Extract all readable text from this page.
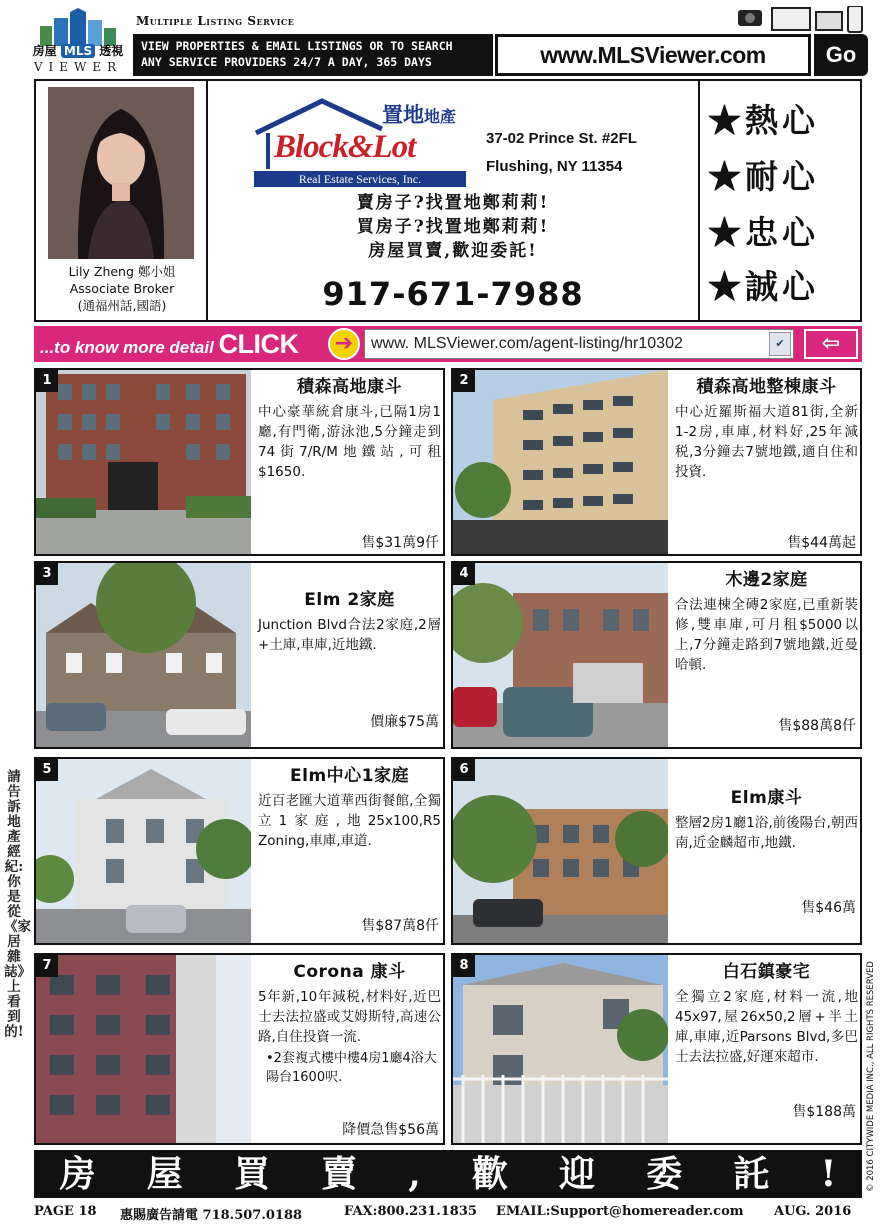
房屋 MLS 透視
VIEWER
Multiple Listing Service
VIEW PROPERTIES & EMAIL LISTINGS OR TO SEARCH
ANY SERVICE PROVIDERS 24/7 A DAY, 365 DAYS	www.MLSViewer.com	Go
Lily Zheng 鄭小姐
Associate Broker
(通福州話,國語)
置地地產
Block&Lot
Real Estate Services, Inc.
37-02 Prince St. #2FL
Flushing, NY 11354
賣房子?找置地鄭莉莉!
買房子?找置地鄭莉莉!
房屋買賣,歡迎委託!
917-671-7988
★熱心
★耐心
★忠心
★誠心
...to know more detail CLICK	➔	www. MLSViewer.com/agent-listing/hr10302	✔	⇦
1	積森高地康斗
中心豪華統倉康斗,已隔1房1廳,有門衛,游泳池,5分鐘走到74街7/R/M地鐵站,可租$1650.
售$31萬9仟
2	積森高地整棟康斗
中心近羅斯福大道81街,全新1-2房,車庫,材料好,25年減税,3分鐘去7號地鐵,適自住和投資.
售$44萬起
3
Elm 2家庭
Junction Blvd合法2家庭,2層+土庫,車庫,近地鐵.
價廉$75萬
4	木邊2家庭
合法連棟全磚2家庭,已重新裝修,雙車庫,可月租$5000以上,7分鐘走路到7號地鐵,近曼哈頓.
售$88萬8仟
5	Elm中心1家庭
近百老匯大道華西街餐館,全獨立1家庭,地25x100,R5 Zoning,車庫,車道.
售$87萬8仟
6
Elm康斗
整層2房1廳1浴,前後陽台,朝西南,近金麟超市,地鐵.
售$46萬
7	Corona 康斗
5年新,10年減税,材料好,近巴士去法拉盛或艾姆斯特,高速公路,自住投資一流.
•2套複式樓中樓4房1廳4浴大陽台1600呎.
降價急售$56萬
8	白石鎮豪宅
全獨立2家庭,材料一流,地45x97,屋26x50,2層+半土庫,車庫,近Parsons Blvd,多巴士去法拉盛,好運來超市.
售$188萬
請告訴地產經紀:你是從《家居雜誌》上看到的!	© 2016 CITYWIDE MEDIA INC., ALL RIGHTS RESERVED
房 屋 買 賣 , 歡 迎 委 託 !
PAGE 18 惠賜廣告請電 718.507.0188	FAX:800.231.1835 EMAIL:Support@homereader.com AUG. 2016
